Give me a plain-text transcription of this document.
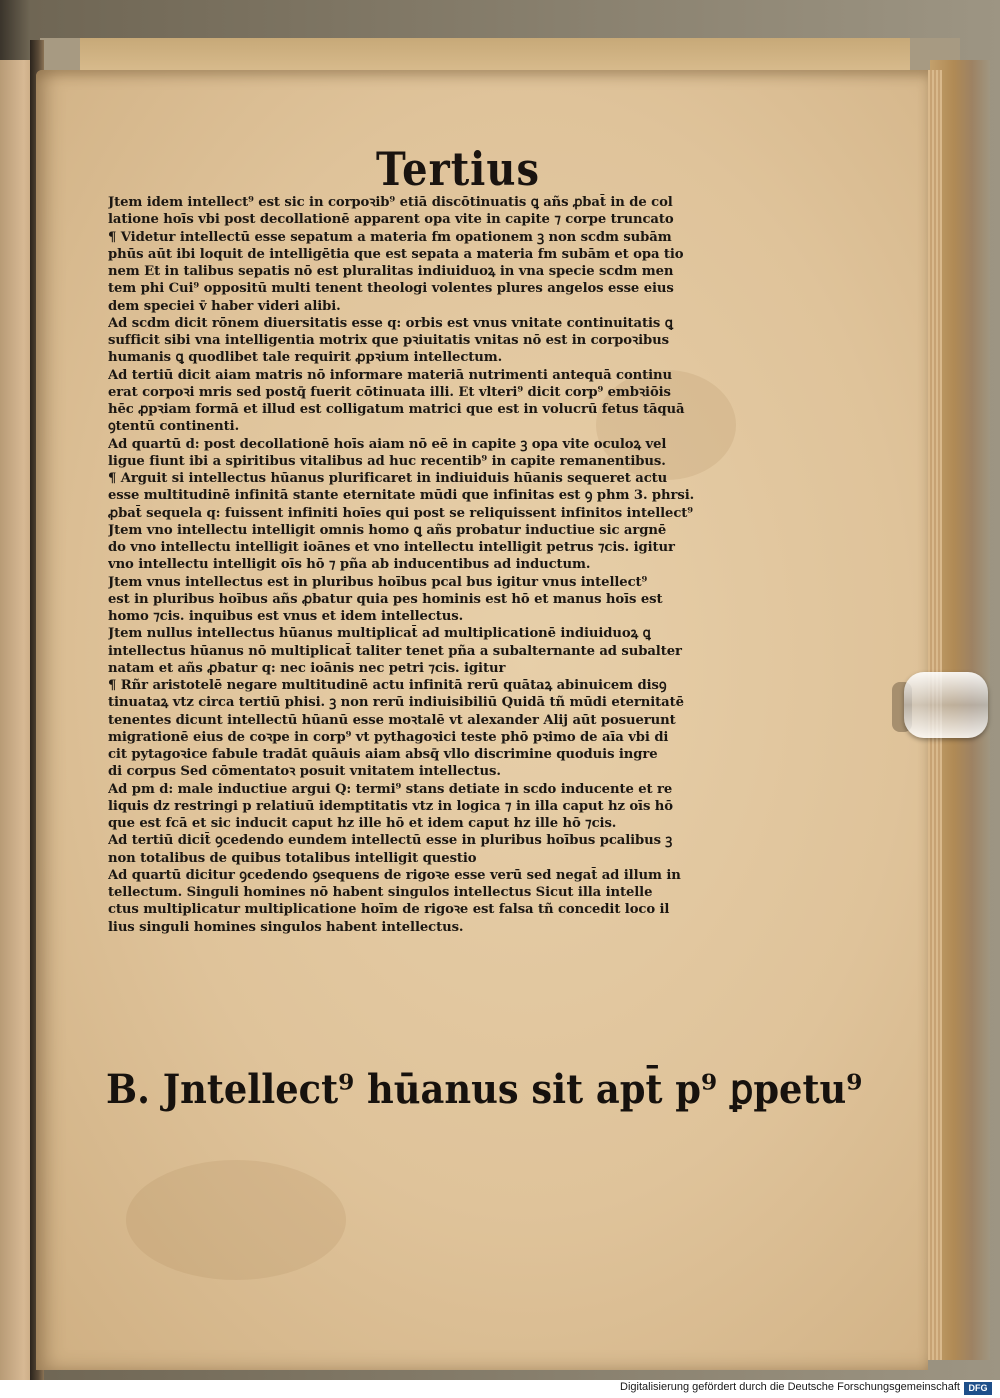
Tertius
Jtem idem intellect⁹ est sic in corpoꝛib⁹ etiā discōtinuatis ꝗ añs ꝓbat̄ in de col
latione hoīs vbi post decollationē apparent opa vite in capite ⁊ corpe truncato
¶ Videtur intellectū esse sepatum a materia fm opationem ꝫ non scdm subām
phūs aūt ibi loquit de intelligētia que est sepata a materia fm subām et opa tio
nem Et in talibus sepatis nō est pluralitas indiuiduoꝝ in vna specie scdm men
tem phi Cui⁹ oppositū multi tenent theologi volentes plures angelos esse eius
dem speciei v̄ haber videri alibi.
Ad scdm dicit rōnem diuersitatis esse q: orbis est vnus vnitate continuitatis ꝗ
sufficit sibi vna intelligentia motrix que pꝛiuitatis vnitas nō est in corpoꝛibus
humanis ꝗ quodlibet tale requirit ꝓpꝛium intellectum.
Ad tertiū dicit aiam matris nō informare materiā nutrimenti antequā continu
erat corpoꝛi mris sed postq̄ fuerit cōtinuata illi. Et vlteri⁹ dicit corp⁹ embꝛiōis
hēc ꝓpꝛiam formā et illud est colligatum matrici que est in volucrū fetus tāquā
ꝯtentū continenti.
Ad quartū d: post decollationē hoīs aiam nō eē in capite ꝫ opa vite oculoꝝ vel
ligue fiunt ibi a spiritibus vitalibus ad huc recentib⁹ in capite remanentibus.
¶ Arguit si intellectus hūanus plurificaret in indiuiduis hūanis sequeret actu
esse multitudinē infinitā stante eternitate mūdi que infinitas est ꝯ phm 3. phrsi.
ꝓbat̄ sequela q: fuissent infiniti hoīes qui post se reliquissent infinitos intellect⁹
Jtem vno intellectu intelligit omnis homo ꝗ añs probatur inductiue sic argnē
do vno intellectu intelligit ioānes et vno intellectu intelligit petrus ⁊cis. igitur
vno intellectu intelligit oīs hō ⁊ pña ab inducentibus ad inductum.
Jtem vnus intellectus est in pluribus hoībus pcal bus igitur vnus intellect⁹
est in pluribus hoībus añs ꝓbatur quia pes hominis est hō et manus hoīs est
homo ⁊cis. inquibus est vnus et idem intellectus.
Jtem nullus intellectus hūanus multiplicat̄ ad multiplicationē indiuiduoꝝ ꝗ
intellectus hūanus nō multiplicat̄ taliter tenet pña a subalternante ad subalter
natam et añs ꝓbatur q: nec ioānis nec petri ⁊cis. igitur
¶ Rñr aristotelē negare multitudinē actu infinitā rerū quātaꝝ abinuicem disꝯ
tinuataꝝ vtz circa tertiū phisi. ꝫ non rerū indiuisibiliū Quidā tñ mūdi eternitatē
tenentes dicunt intellectū hūanū esse moꝛtalē vt alexander Alij aūt posuerunt
migrationē eius de coꝛpe in corp⁹ vt pythagoꝛici teste phō pꝛimo de aīa vbi di
cit pytagoꝛice fabule tradāt quāuis aiam absq̄ vllo discrimine quoduis ingre
di corpus Sed cōmentatoꝛ posuit vnitatem intellectus.
Ad pm d: male inductiue argui Q: termi⁹ stans detiate in scdo inducente et re
liquis dz restringi p relatiuū idemptitatis vtz in logica ⁊ in illa caput hz oīs hō
que est fcā et sic inducit caput hz ille hō et idem caput hz ille hō ⁊cis.
Ad tertiū dicit̄ ꝯcedendo eundem intellectū esse in pluribus hoībus pcalibus ꝫ
non totalibus de quibus totalibus intelligit questio
Ad quartū dicitur ꝯcedendo ꝯsequens de rigoꝛe esse verū sed negat̄ ad illum in
tellectum. Singuli homines nō habent singulos intellectus Sicut illa intelle
ctus multiplicatur multiplicatione hoīm de rigoꝛe est falsa tñ concedit loco il
lius singuli homines singulos habent intellectus.
B. Jntellect⁹ hūanus sit apt̄ p⁹ ꝑpetu⁹
Digitalisierung gefördert durch die Deutsche Forschungsgemeinschaft DFG
